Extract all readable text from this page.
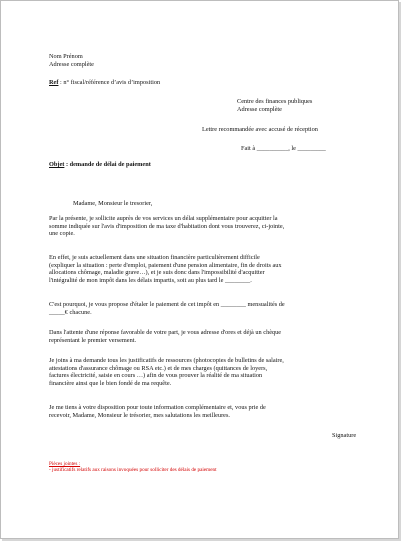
Nom Prénom
Adresse complète
Ref : n° fiscal/référence d’avis d’imposition
Centre des finances publiques
Adresse complète
Lettre recommandée avec accusé de réception
Fait à __________, le _________
Objet : demande de délai de paiement
Madame, Monsieur le tresorier,
Par la présente, je sollicite auprès de vos services un délai supplémentaire pour acquitter la
somme indiquée sur l'avis d'imposition de ma taxe d'habitation dont vous trouverez, ci-jointe,
une copie.
En effet, je suis actuellement dans une situation financière particulièrement difficile
(expliquer la situation : perte d'emploi, paiement d'une pension alimentaire, fin de droits aux
allocations chômage, maladie grave…), et je suis donc dans l'impossibilité d'acquitter
l'intégralité de mon impôt dans les délais impartis, soit au plus tard le ________.
C'est pourquoi, je vous propose d'étaler le paiement de cet impôt en ________ mensualités de
_____€ chacune.
Dans l'attente d'une réponse favorable de votre part, je vous adresse d'ores et déjà un chèque
représentant le premier versement.
Je joins à ma demande tous les justificatifs de ressources (photocopies de bulletins de salaire,
attestations d'assurance chômage ou RSA etc.) et de mes charges (quittances de loyers,
factures électricité, saisie en cours …) afin de vous prouver la réalité de ma situation
financière ainsi que le bien fondé de ma requête.
Je me tiens à votre disposition pour toute information complémentaire et, vous prie de
recevoir, Madame, Monsieur le trésorier, mes salutations les meilleures.
Signature
Pièces jointes :
- justificatifs relatifs aux raisons invoquées pour solliciter des délais de paiement
